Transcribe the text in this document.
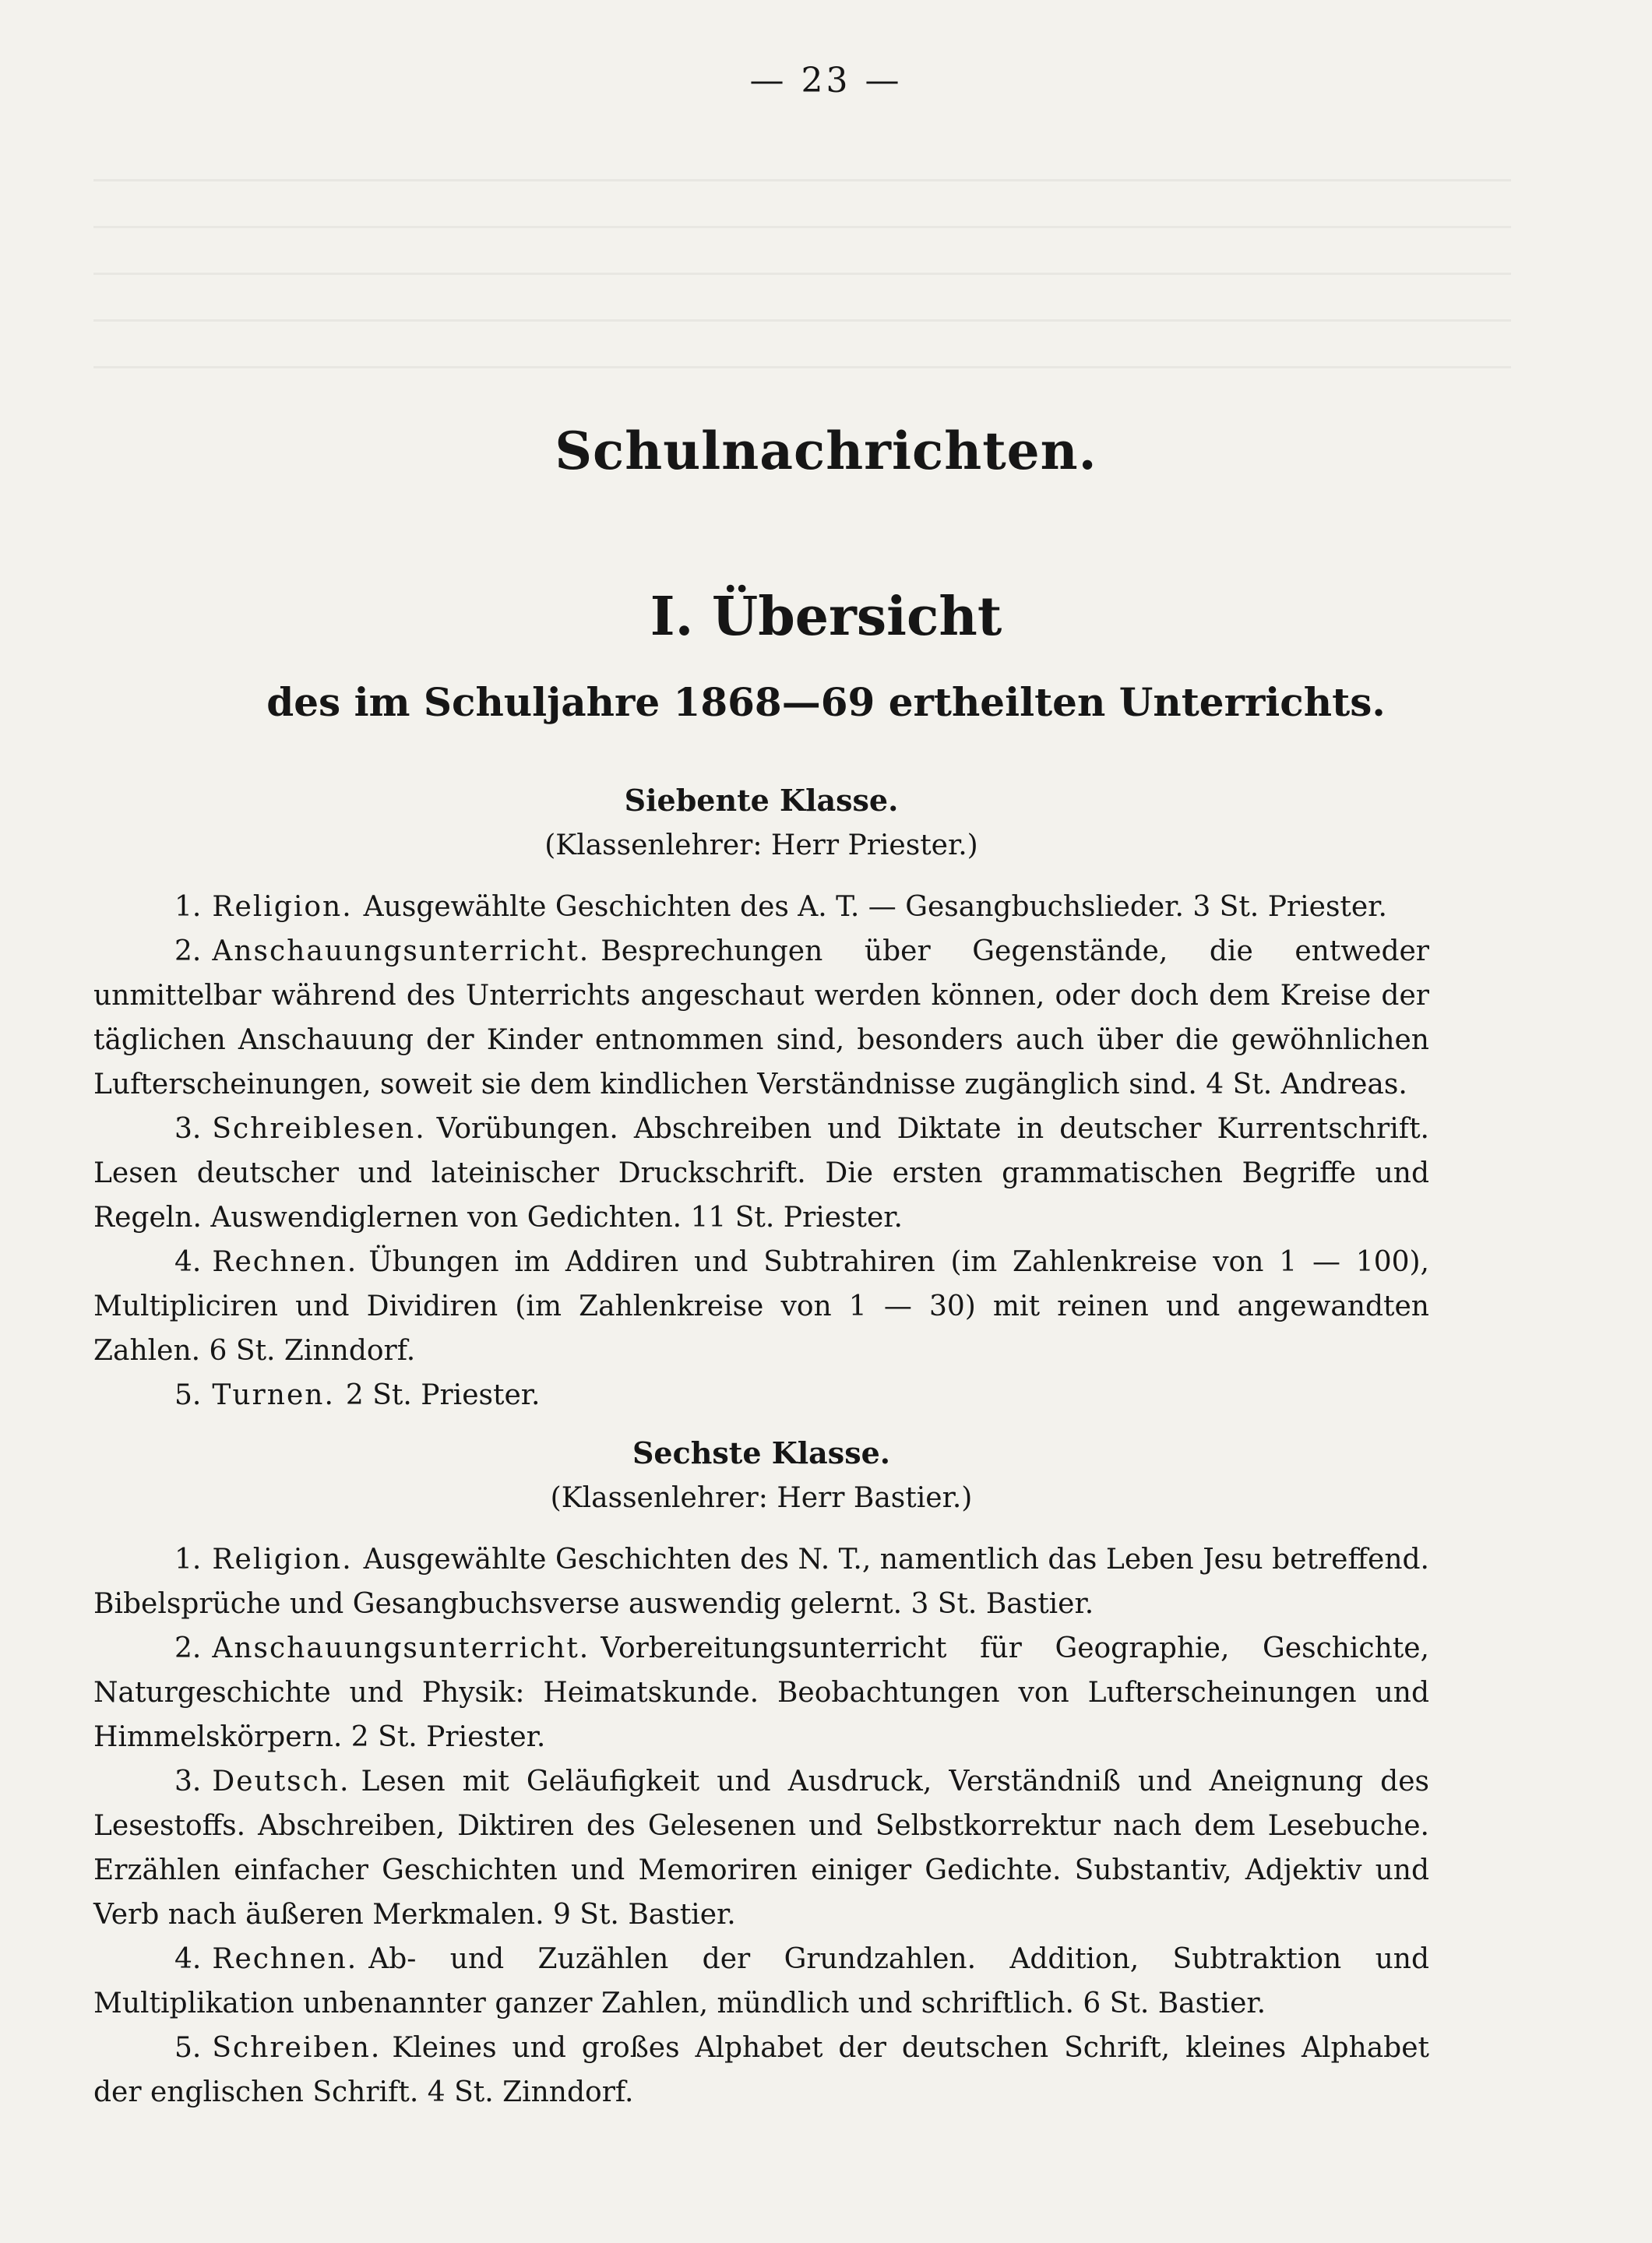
— 23 —
Schulnachrichten.
I. Übersicht
des im Schuljahre 1868—69 ertheilten Unterrichts.
Siebente Klasse.
(Klassenlehrer: Herr Priester.)

1. Religion. Ausgewählte Geschichten des A. T. — Gesangbuchslieder. 3 St. Priester.

2. Anschauungsunterricht. Besprechungen über Gegenstände, die entweder unmittelbar während des Unterrichts angeschaut werden können, oder doch dem Kreise der täglichen Anschauung der Kinder entnommen sind, besonders auch über die gewöhnlichen Lufterscheinungen, soweit sie dem kindlichen Verständnisse zugänglich sind. 4 St. Andreas.

3. Schreiblesen. Vorübungen. Abschreiben und Diktate in deutscher Kurrentschrift. Lesen deutscher und lateinischer Druckschrift. Die ersten grammatischen Begriffe und Regeln. Auswendiglernen von Gedichten. 11 St. Priester.

4. Rechnen. Übungen im Addiren und Subtrahiren (im Zahlenkreise von 1 — 100), Multipliciren und Dividiren (im Zahlenkreise von 1 — 30) mit reinen und angewandten Zahlen. 6 St. Zinndorf.

5. Turnen. 2 St. Priester.

Sechste Klasse.
(Klassenlehrer: Herr Bastier.)

1. Religion. Ausgewählte Geschichten des N. T., namentlich das Leben Jesu betreffend. Bibelsprüche und Gesangbuchsverse auswendig gelernt. 3 St. Bastier.

2. Anschauungsunterricht. Vorbereitungsunterricht für Geographie, Geschichte, Naturgeschichte und Physik: Heimatskunde. Beobachtungen von Lufterscheinungen und Himmelskörpern. 2 St. Priester.

3. Deutsch. Lesen mit Geläufigkeit und Ausdruck, Verständniß und Aneignung des Lesestoffs. Abschreiben, Diktiren des Gelesenen und Selbstkorrektur nach dem Lesebuche. Erzählen einfacher Geschichten und Memoriren einiger Gedichte. Substantiv, Adjektiv und Verb nach äußeren Merkmalen. 9 St. Bastier.

4. Rechnen. Ab- und Zuzählen der Grundzahlen. Addition, Subtraktion und Multiplikation unbenannter ganzer Zahlen, mündlich und schriftlich. 6 St. Bastier.

5. Schreiben. Kleines und großes Alphabet der deutschen Schrift, kleines Alphabet der englischen Schrift. 4 St. Zinndorf.
